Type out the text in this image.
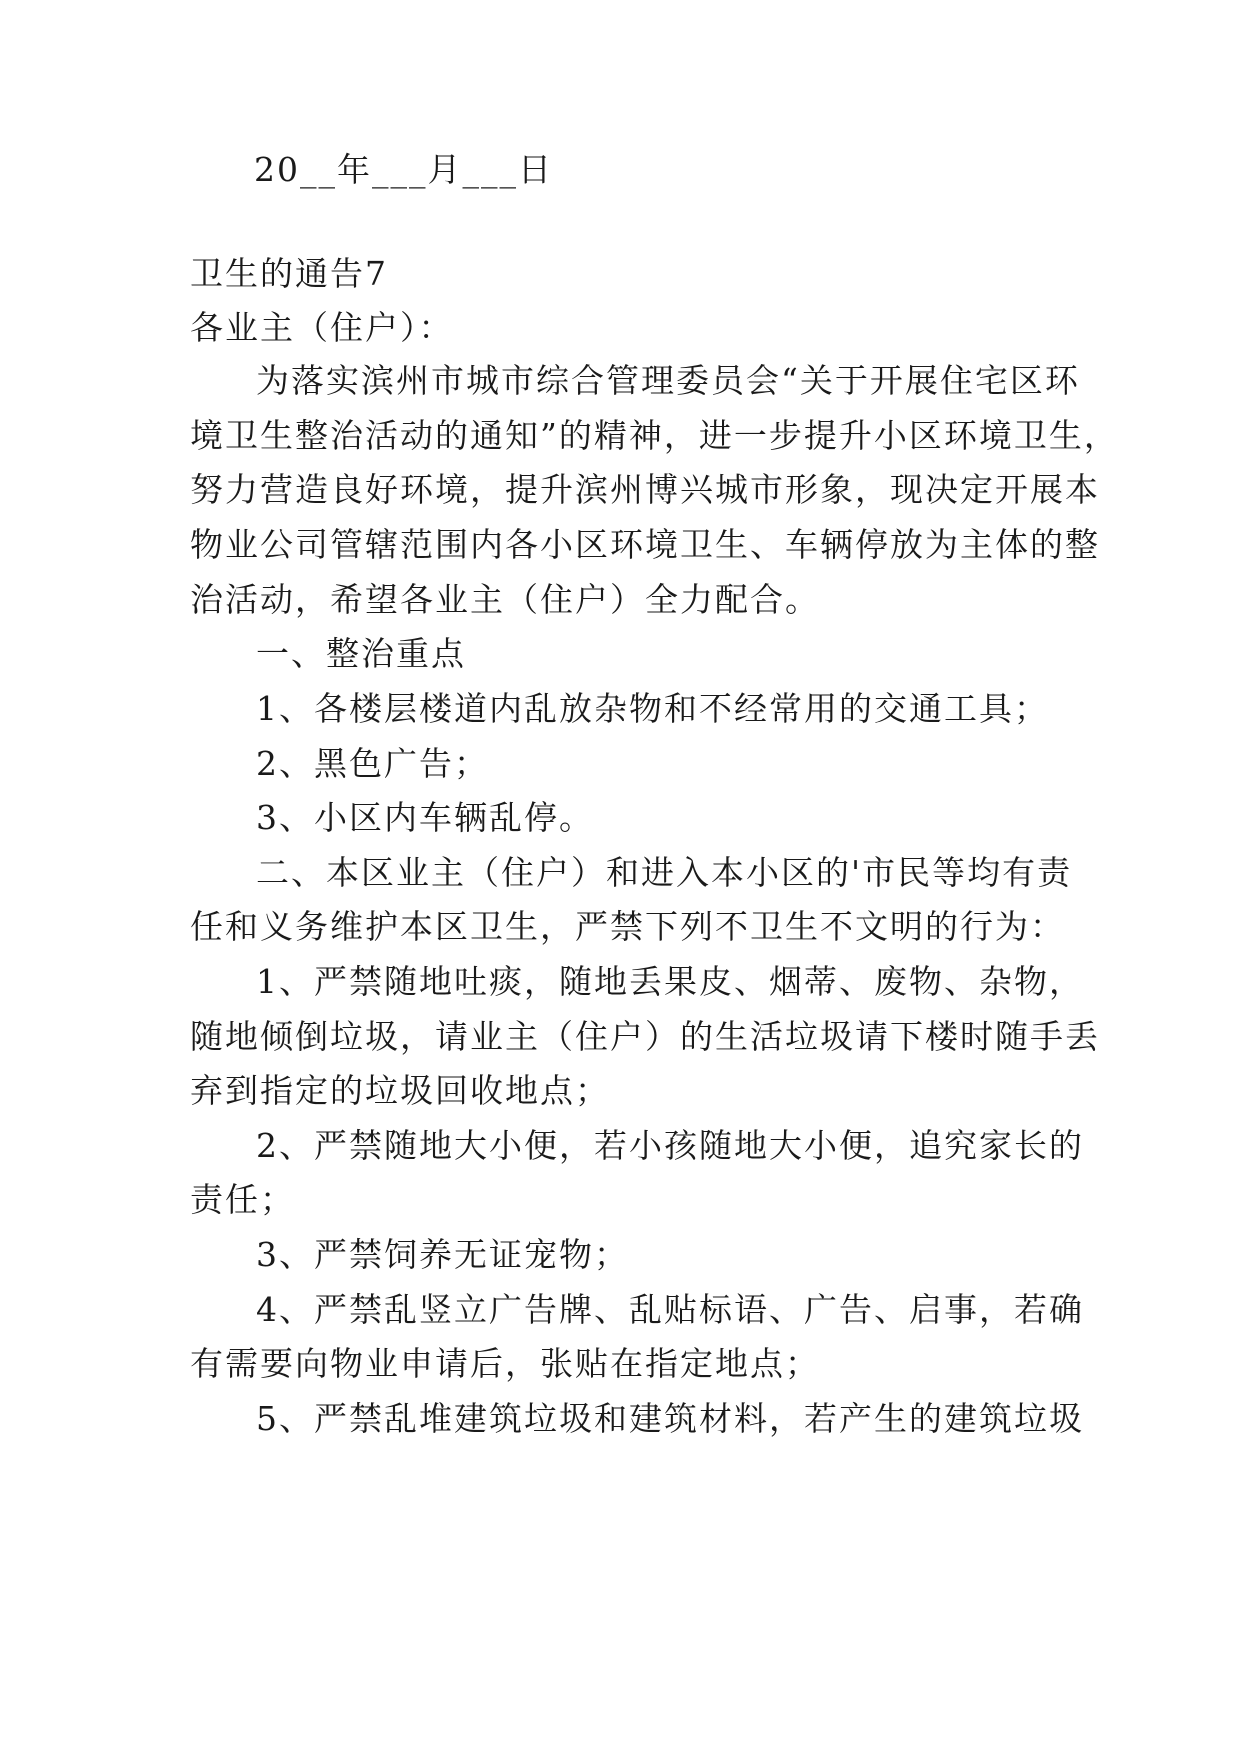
20__年___月___日
卫生的通告7
各业主（住户）：
为落实滨州市城市综合管理委员会“关于开展住宅区环
境卫生整治活动的通知”的精神，进一步提升小区环境卫生，
努力营造良好环境，提升滨州博兴城市形象，现决定开展本
物业公司管辖范围内各小区环境卫生、车辆停放为主体的整
治活动，希望各业主（住户）全力配合。
一、整治重点
1、各楼层楼道内乱放杂物和不经常用的交通工具；
2、黑色广告；
3、小区内车辆乱停。
二、本区业主（住户）和进入本小区的'市民等均有责
任和义务维护本区卫生，严禁下列不卫生不文明的行为：
1、严禁随地吐痰，随地丢果皮、烟蒂、废物、杂物，
随地倾倒垃圾，请业主（住户）的生活垃圾请下楼时随手丢
弃到指定的垃圾回收地点；
2、严禁随地大小便，若小孩随地大小便，追究家长的
责任；
3、严禁饲养无证宠物；
4、严禁乱竖立广告牌、乱贴标语、广告、启事，若确
有需要向物业申请后，张贴在指定地点；
5、严禁乱堆建筑垃圾和建筑材料，若产生的建筑垃圾
